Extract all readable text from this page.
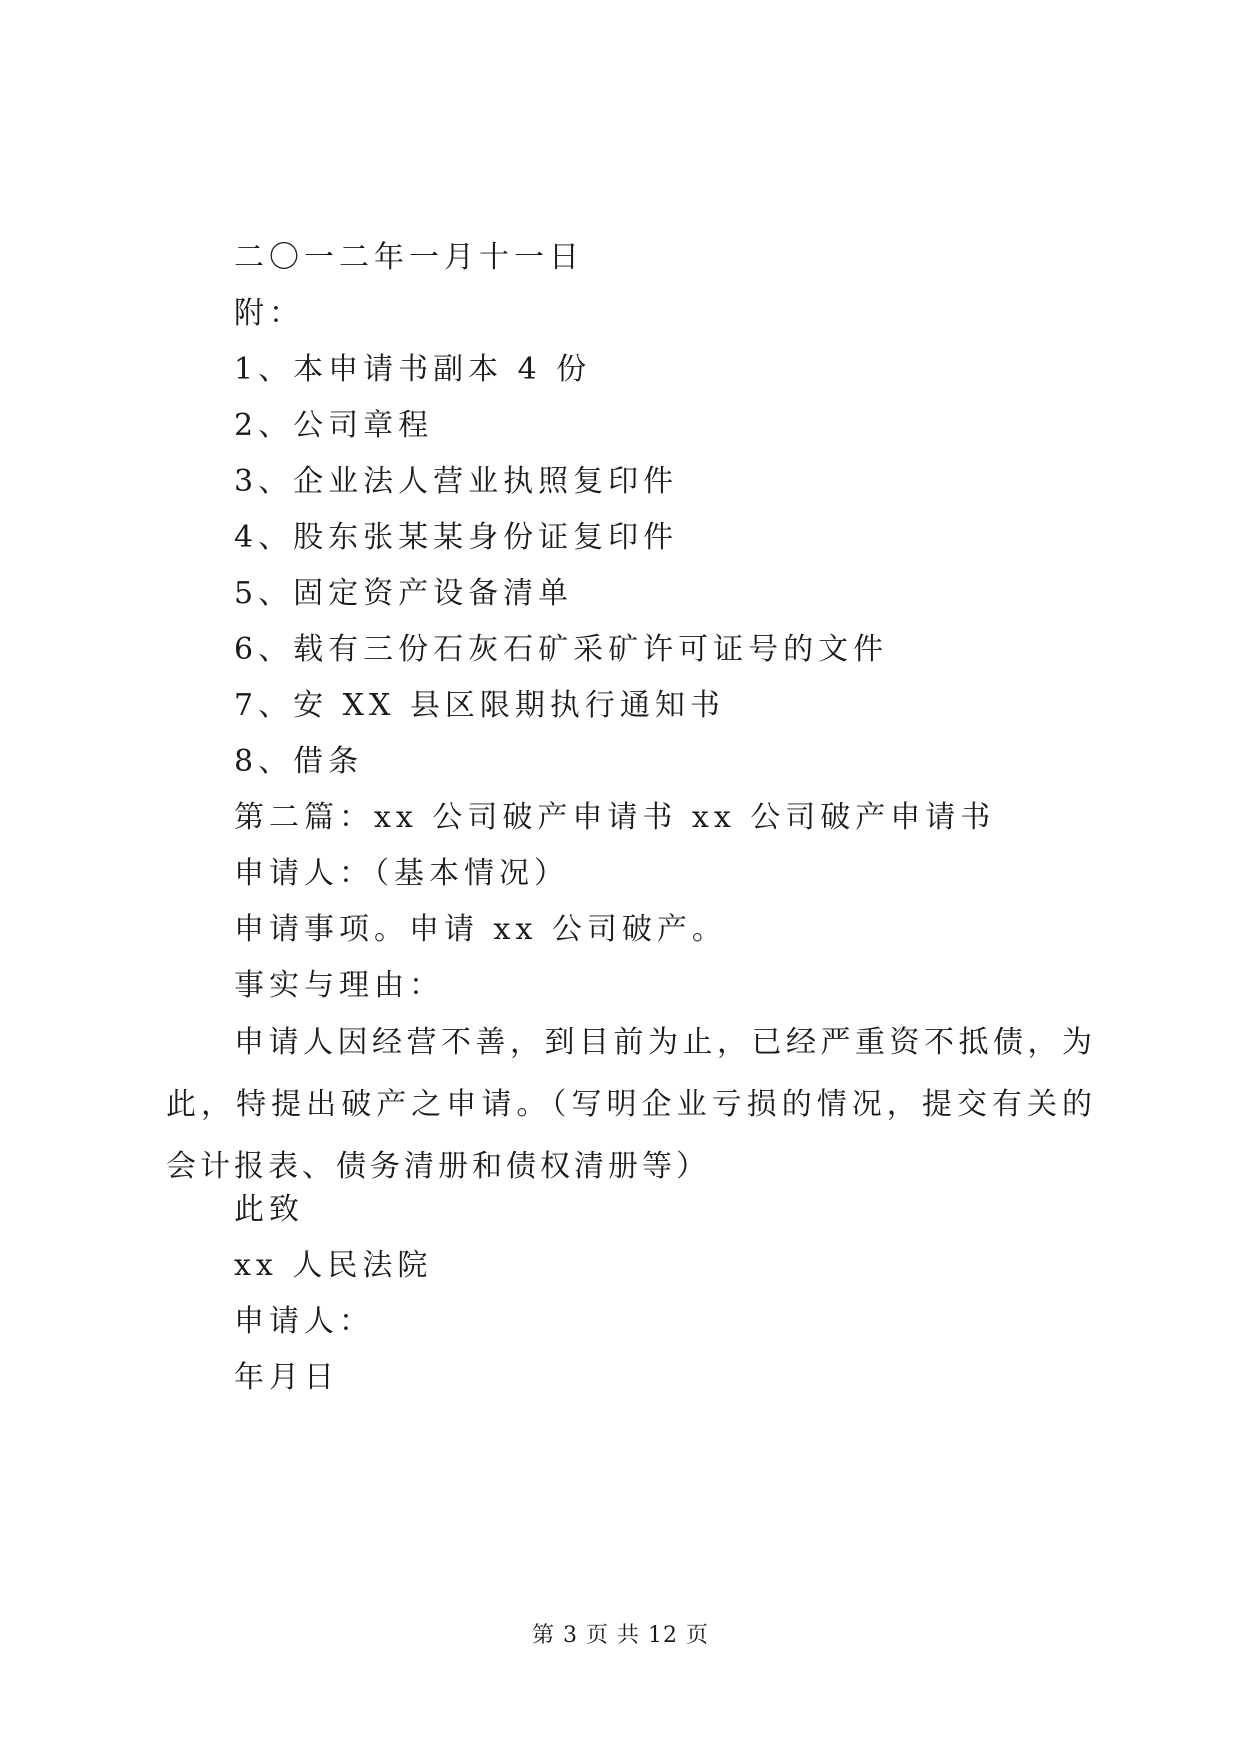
二〇一二年一月十一日
附：
1、本申请书副本 4 份
2、公司章程
3、企业法人营业执照复印件
4、股东张某某身份证复印件
5、固定资产设备清单
6、载有三份石灰石矿采矿许可证号的文件
7、安 XX 县区限期执行通知书
8、借条
第二篇：xx 公司破产申请书 xx 公司破产申请书
申请人：（基本情况）
申请事项。申请 xx 公司破产。
事实与理由：
申请人因经营不善，到目前为止，已经严重资不抵债，为此，特提出破产之申请。（写明企业亏损的情况，提交有关的会计报表、债务清册和债权清册等）
此致
xx 人民法院
申请人：
年月日
第 3 页 共 12 页
